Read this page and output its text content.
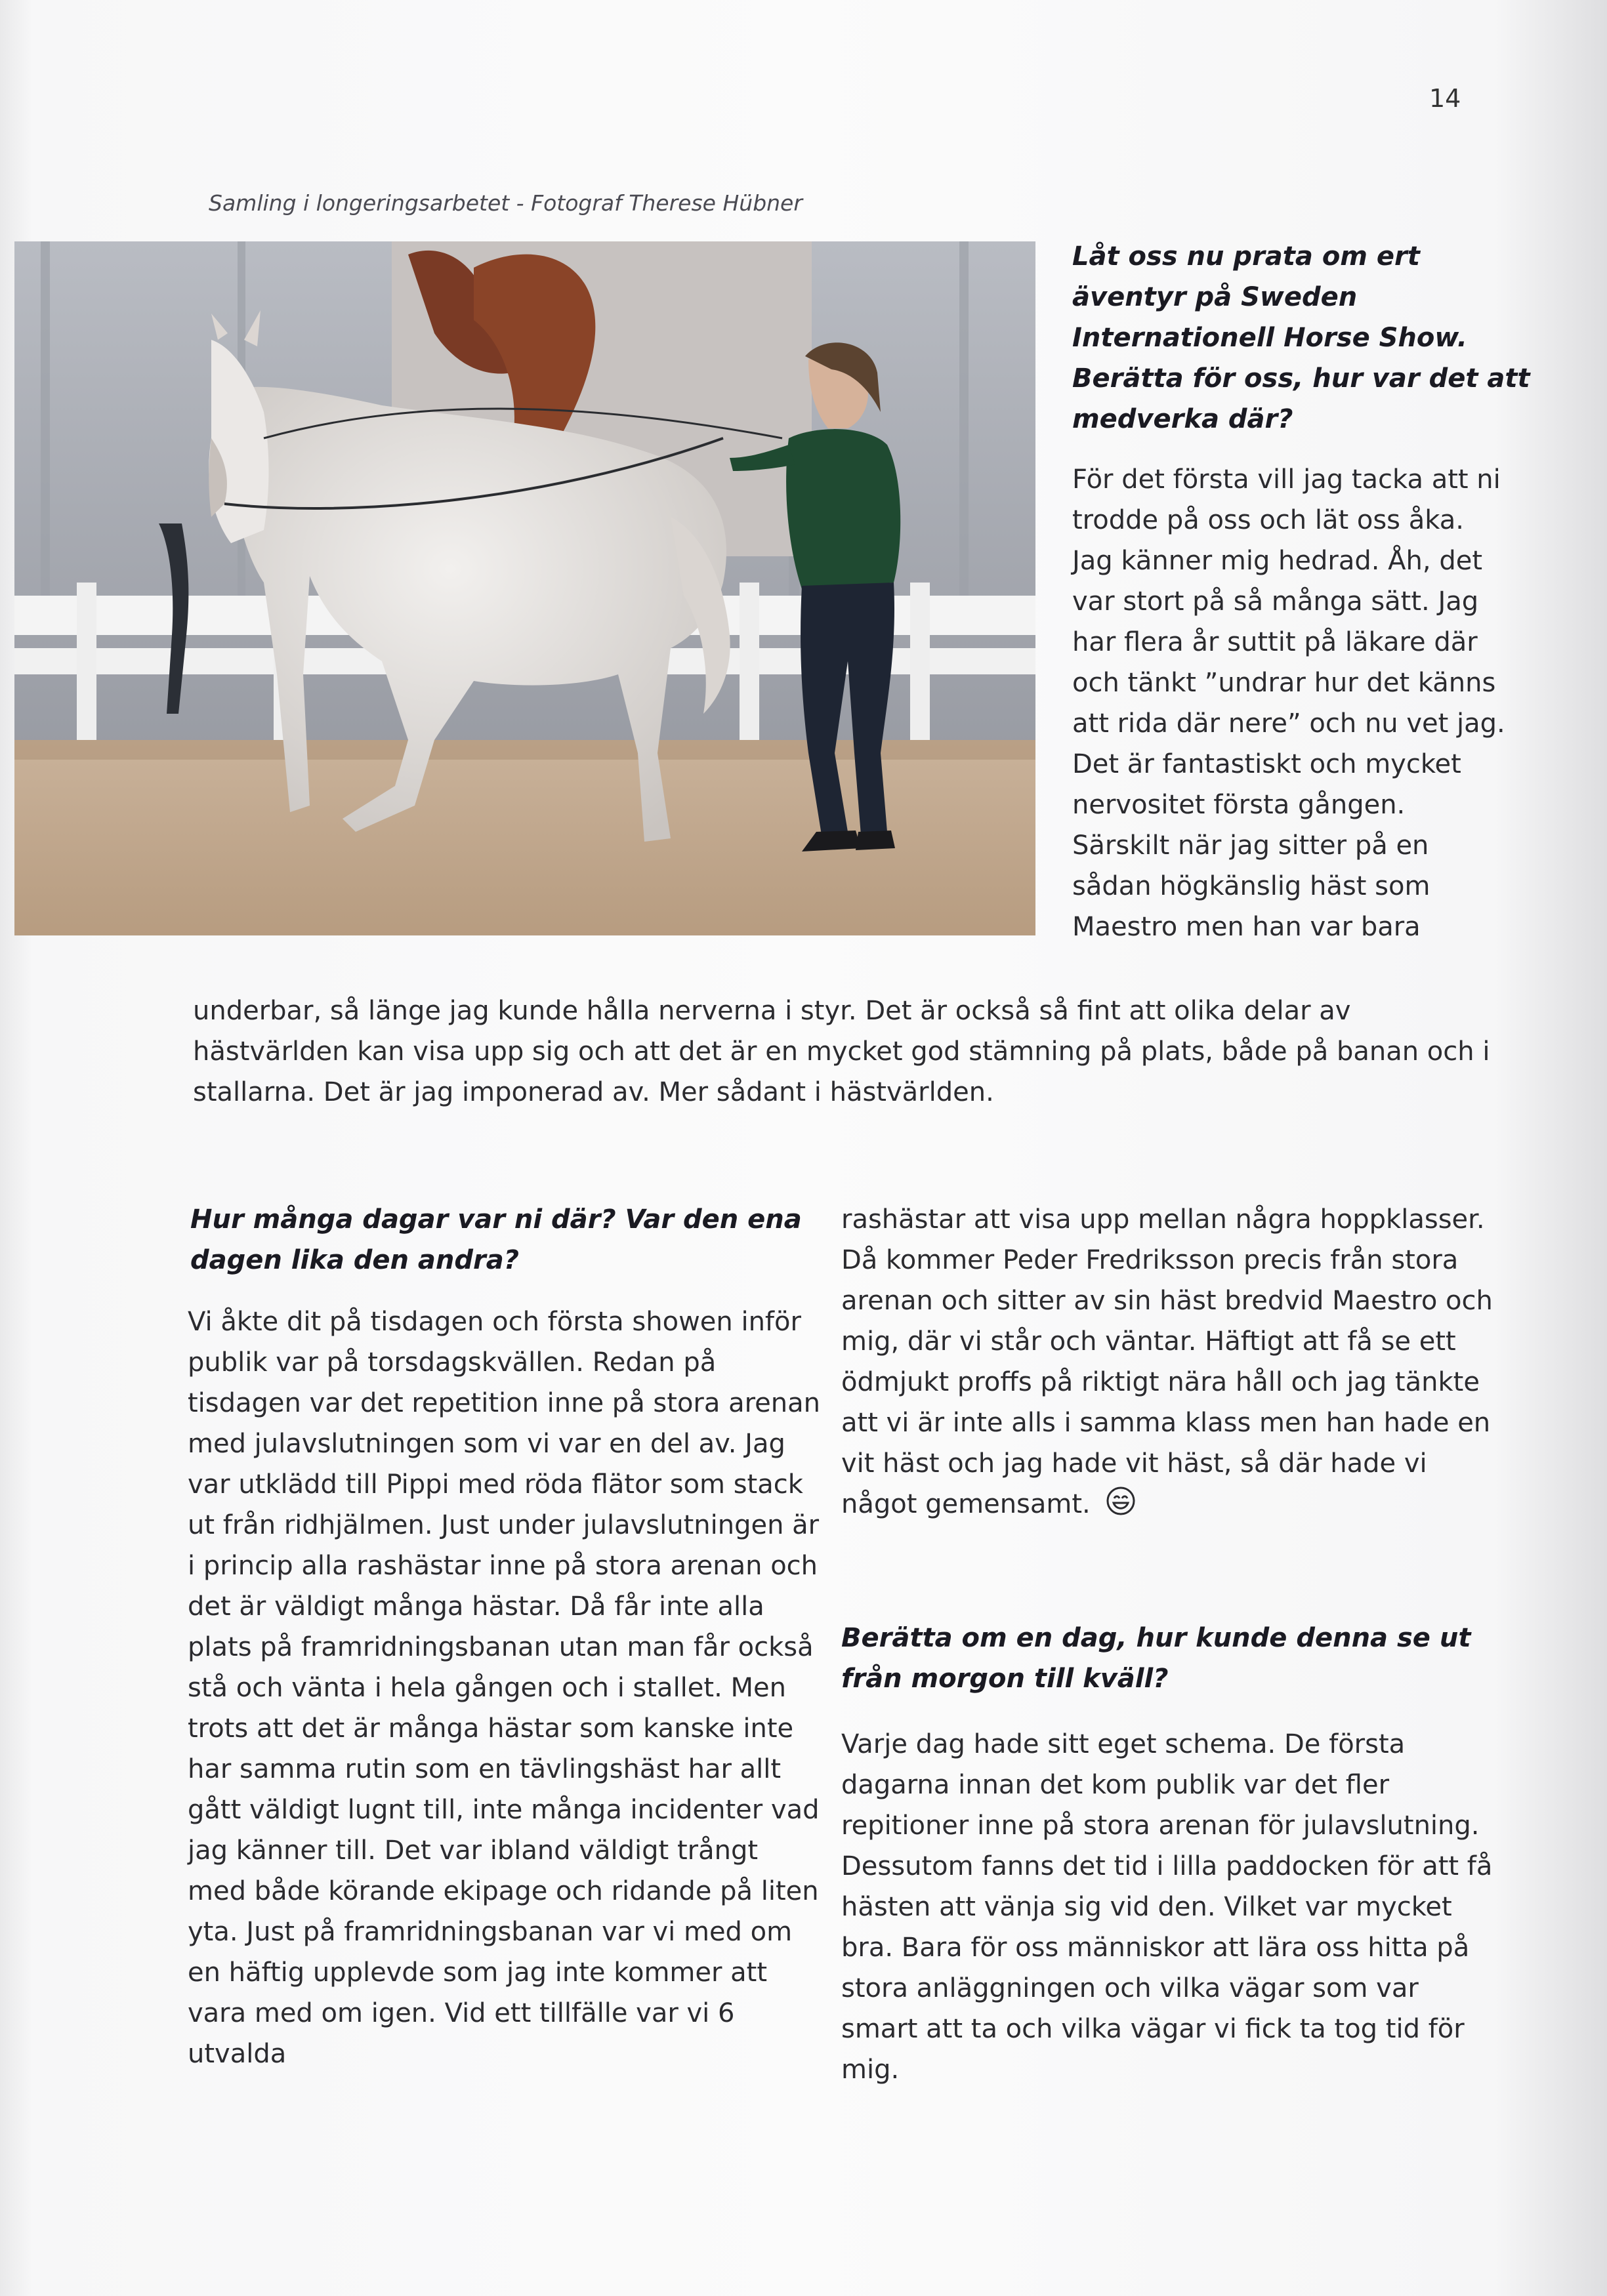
14
Samling i longeringsarbetet - Fotograf Therese Hübner

Låt oss nu prata om ert äventyr på Sweden Internationell Horse Show. Berätta för oss, hur var det att medverka där?

För det första vill jag tacka att ni trodde på oss och lät oss åka. Jag känner mig hedrad. Åh, det var stort på så många sätt. Jag har flera år suttit på läkare där och tänkt ”undrar hur det känns att rida där nere” och nu vet jag. Det är fantastiskt och mycket nervositet första gången. Särskilt när jag sitter på en sådan högkänslig häst som Maestro men han var bara

underbar, så länge jag kunde hålla nerverna i styr. Det är också så fint att olika delar av hästvärlden kan visa upp sig och att det är en mycket god stämning på plats, både på banan och i stallarna. Det är jag imponerad av. Mer sådant i hästvärlden.

Hur många dagar var ni där? Var den ena dagen lika den andra?

Vi åkte dit på tisdagen och första showen inför publik var på torsdagskvällen. Redan på tisdagen var det repetition inne på stora arenan med julavslutningen som vi var en del av. Jag var utklädd till Pippi med röda flätor som stack ut från ridhjälmen. Just under julavslutningen är i princip alla rashästar inne på stora arenan och det är väldigt många hästar. Då får inte alla plats på framridningsbanan utan man får också stå och vänta i hela gången och i stallet. Men trots att det är många hästar som kanske inte har samma rutin som en tävlingshäst har allt gått väldigt lugnt till, inte många incidenter vad jag känner till. Det var ibland väldigt trångt med både körande ekipage och ridande på liten yta. Just på framridningsbanan var vi med om en häftig upplevde som jag inte kommer att vara med om igen. Vid ett tillfälle var vi 6 utvalda

rashästar att visa upp mellan några hoppklasser. Då kommer Peder Fredriksson precis från stora arenan och sitter av sin häst bredvid Maestro och mig, där vi står och väntar. Häftigt att få se ett ödmjukt proffs på riktigt nära håll och jag tänkte att vi är inte alls i samma klass men han hade en vit häst och jag hade vit häst, så där hade vi något gemensamt.

Berätta om en dag, hur kunde denna se ut från morgon till kväll?

Varje dag hade sitt eget schema. De första dagarna innan det kom publik var det fler repitioner inne på stora arenan för julavslutning. Dessutom fanns det tid i lilla paddocken för att få hästen att vänja sig vid den. Vilket var mycket bra. Bara för oss människor att lära oss hitta på stora anläggningen och vilka vägar som var smart att ta och vilka vägar vi fick ta tog tid för mig.
